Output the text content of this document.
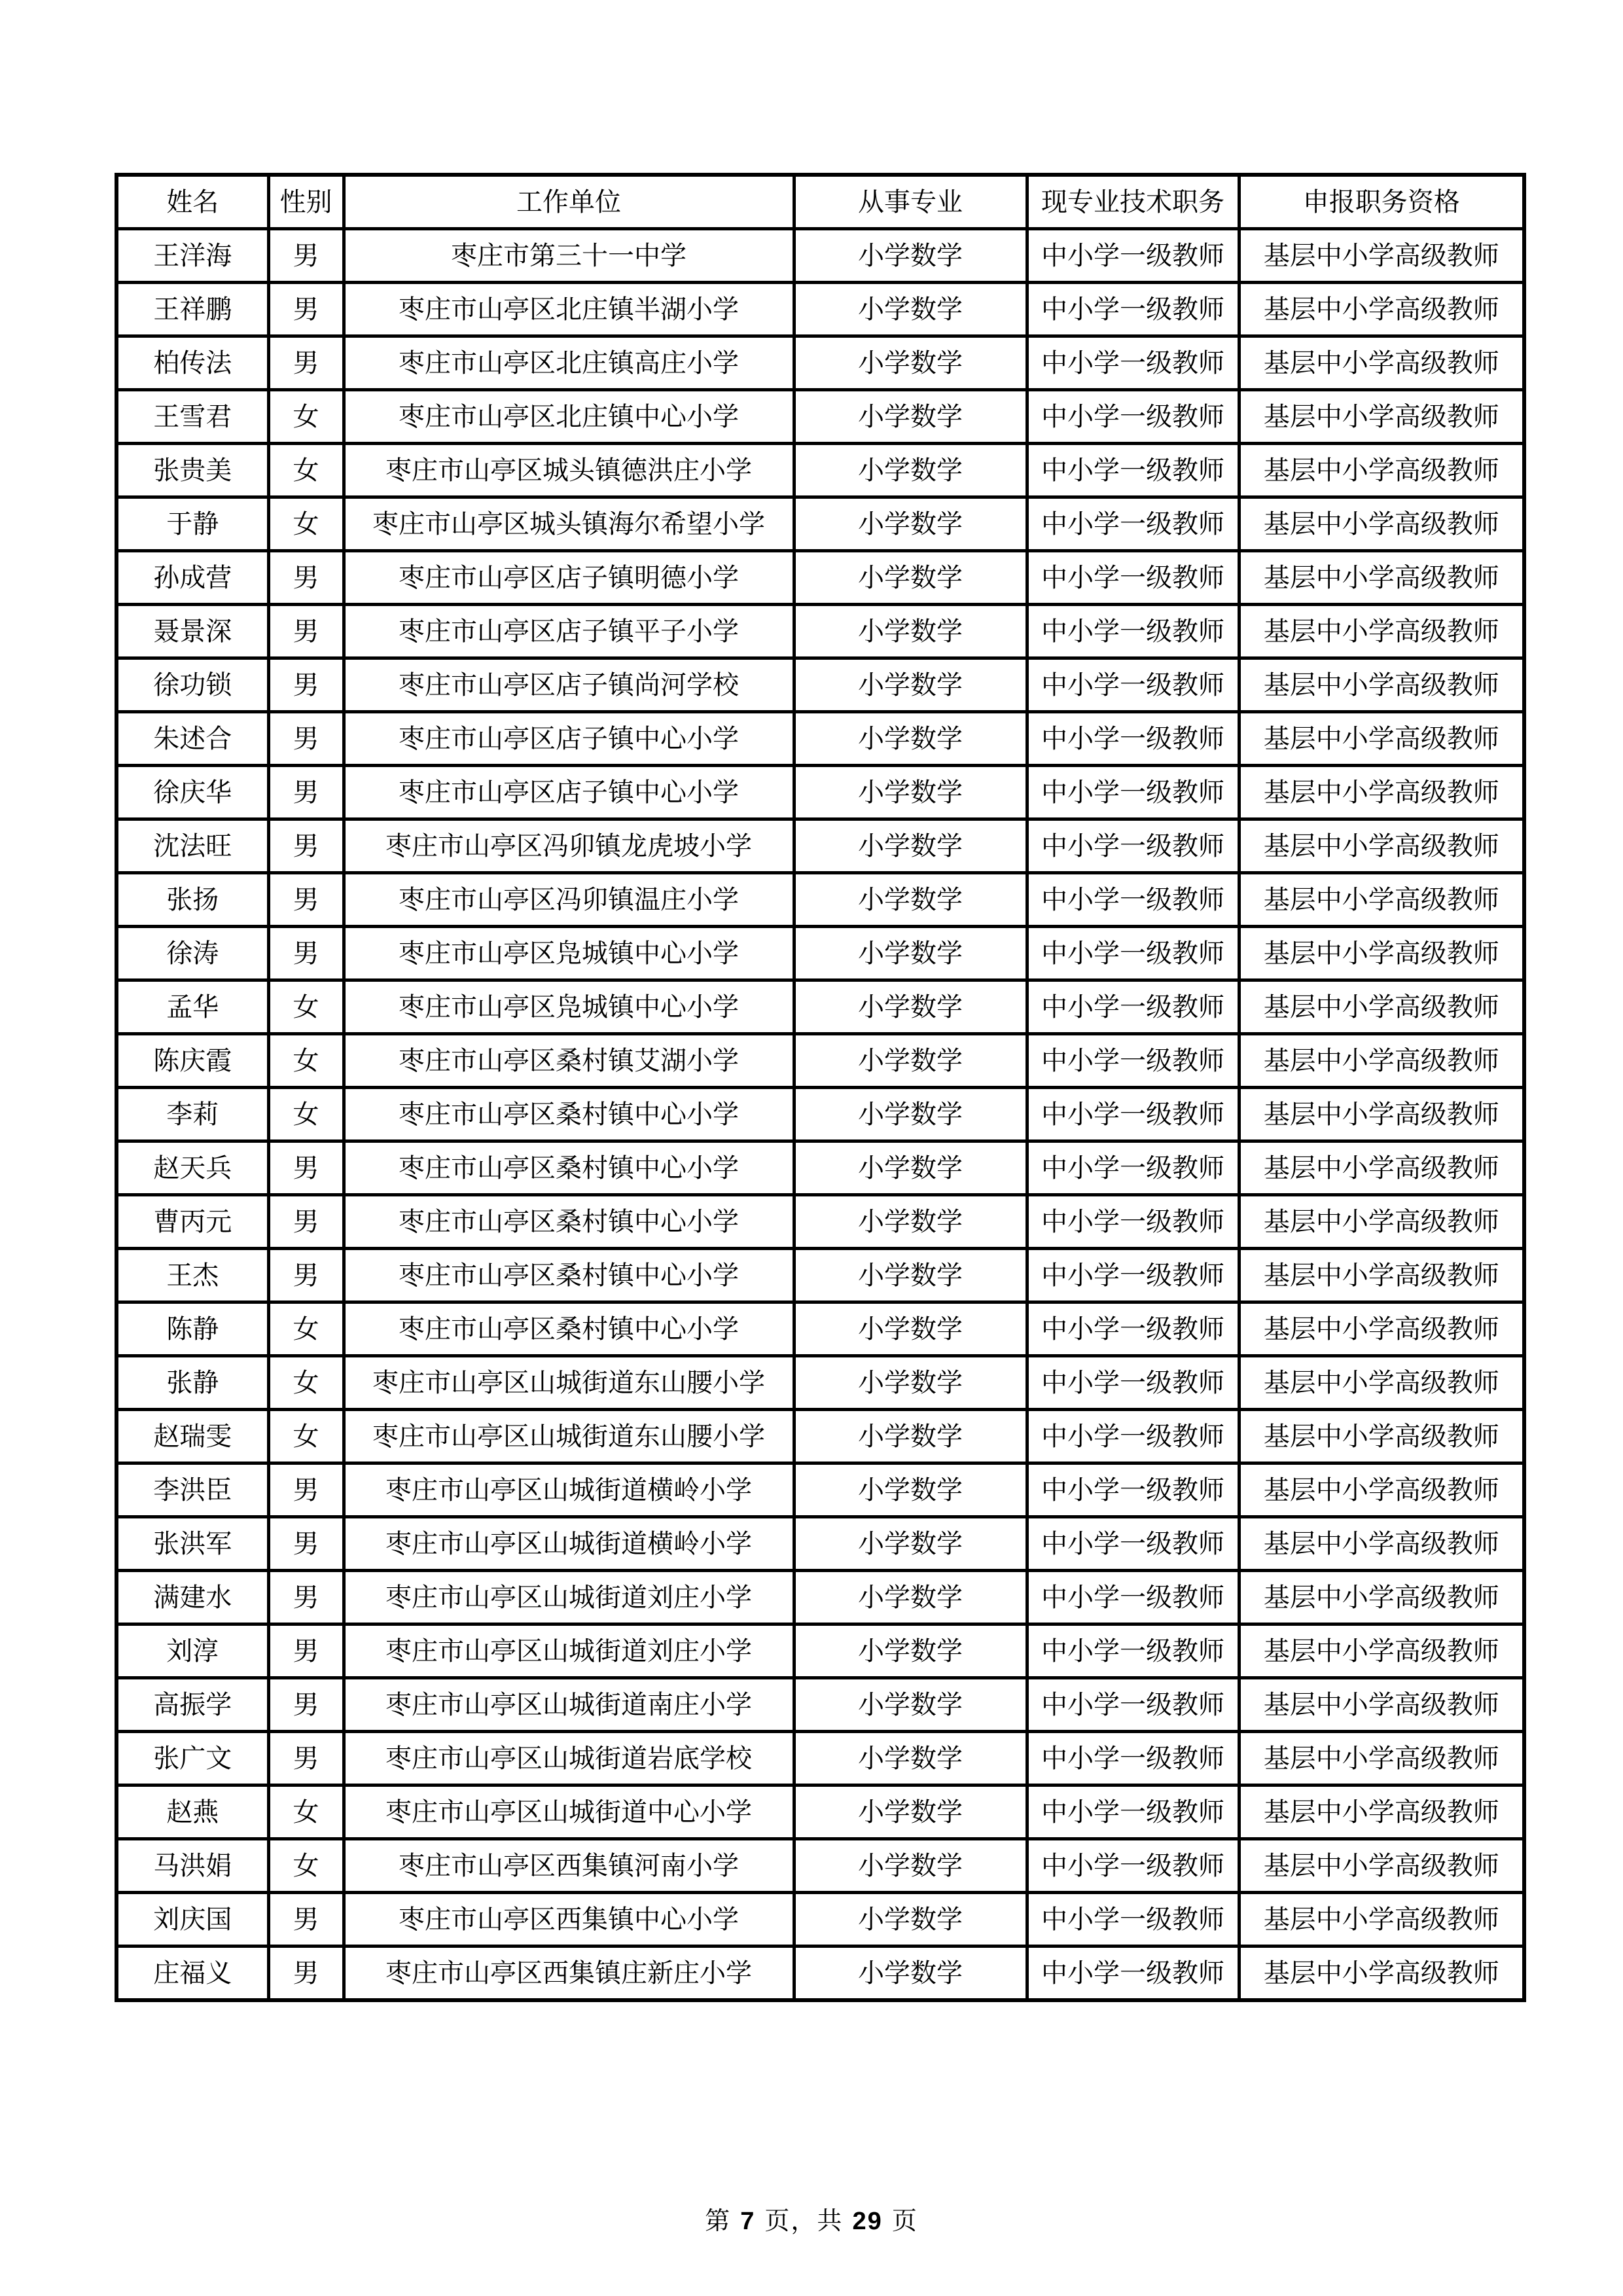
姓名	性别	工作单位	从事专业	现专业技术职务	申报职务资格
王洋海	男	枣庄市第三十一中学	小学数学	中小学一级教师	基层中小学高级教师
王祥鹏	男	枣庄市山亭区北庄镇半湖小学	小学数学	中小学一级教师	基层中小学高级教师
柏传法	男	枣庄市山亭区北庄镇高庄小学	小学数学	中小学一级教师	基层中小学高级教师
王雪君	女	枣庄市山亭区北庄镇中心小学	小学数学	中小学一级教师	基层中小学高级教师
张贵美	女	枣庄市山亭区城头镇德洪庄小学	小学数学	中小学一级教师	基层中小学高级教师
于静	女	枣庄市山亭区城头镇海尔希望小学	小学数学	中小学一级教师	基层中小学高级教师
孙成营	男	枣庄市山亭区店子镇明德小学	小学数学	中小学一级教师	基层中小学高级教师
聂景深	男	枣庄市山亭区店子镇平子小学	小学数学	中小学一级教师	基层中小学高级教师
徐功锁	男	枣庄市山亭区店子镇尚河学校	小学数学	中小学一级教师	基层中小学高级教师
朱述合	男	枣庄市山亭区店子镇中心小学	小学数学	中小学一级教师	基层中小学高级教师
徐庆华	男	枣庄市山亭区店子镇中心小学	小学数学	中小学一级教师	基层中小学高级教师
沈法旺	男	枣庄市山亭区冯卯镇龙虎坡小学	小学数学	中小学一级教师	基层中小学高级教师
张扬	男	枣庄市山亭区冯卯镇温庄小学	小学数学	中小学一级教师	基层中小学高级教师
徐涛	男	枣庄市山亭区凫城镇中心小学	小学数学	中小学一级教师	基层中小学高级教师
孟华	女	枣庄市山亭区凫城镇中心小学	小学数学	中小学一级教师	基层中小学高级教师
陈庆霞	女	枣庄市山亭区桑村镇艾湖小学	小学数学	中小学一级教师	基层中小学高级教师
李莉	女	枣庄市山亭区桑村镇中心小学	小学数学	中小学一级教师	基层中小学高级教师
赵天兵	男	枣庄市山亭区桑村镇中心小学	小学数学	中小学一级教师	基层中小学高级教师
曹丙元	男	枣庄市山亭区桑村镇中心小学	小学数学	中小学一级教师	基层中小学高级教师
王杰	男	枣庄市山亭区桑村镇中心小学	小学数学	中小学一级教师	基层中小学高级教师
陈静	女	枣庄市山亭区桑村镇中心小学	小学数学	中小学一级教师	基层中小学高级教师
张静	女	枣庄市山亭区山城街道东山腰小学	小学数学	中小学一级教师	基层中小学高级教师
赵瑞雯	女	枣庄市山亭区山城街道东山腰小学	小学数学	中小学一级教师	基层中小学高级教师
李洪臣	男	枣庄市山亭区山城街道横岭小学	小学数学	中小学一级教师	基层中小学高级教师
张洪军	男	枣庄市山亭区山城街道横岭小学	小学数学	中小学一级教师	基层中小学高级教师
满建水	男	枣庄市山亭区山城街道刘庄小学	小学数学	中小学一级教师	基层中小学高级教师
刘淳	男	枣庄市山亭区山城街道刘庄小学	小学数学	中小学一级教师	基层中小学高级教师
高振学	男	枣庄市山亭区山城街道南庄小学	小学数学	中小学一级教师	基层中小学高级教师
张广文	男	枣庄市山亭区山城街道岩底学校	小学数学	中小学一级教师	基层中小学高级教师
赵燕	女	枣庄市山亭区山城街道中心小学	小学数学	中小学一级教师	基层中小学高级教师
马洪娟	女	枣庄市山亭区西集镇河南小学	小学数学	中小学一级教师	基层中小学高级教师
刘庆国	男	枣庄市山亭区西集镇中心小学	小学数学	中小学一级教师	基层中小学高级教师
庄福义	男	枣庄市山亭区西集镇庄新庄小学	小学数学	中小学一级教师	基层中小学高级教师
第 7 页，共 29 页
